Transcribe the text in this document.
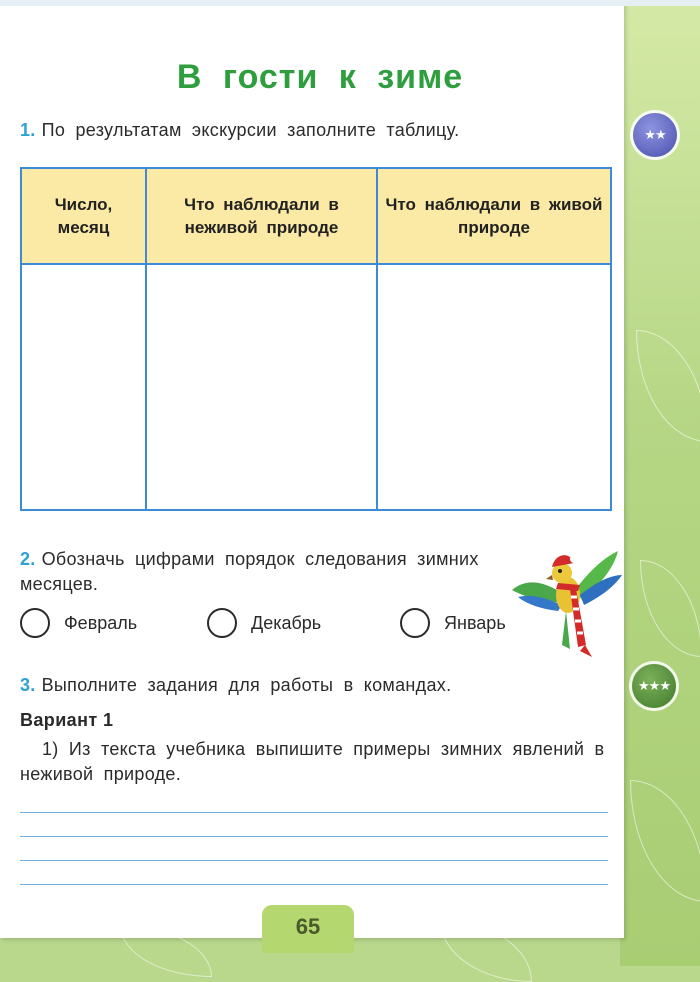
В гости к зиме
1. По результатам экскурсии заполните таблицу.	★★
Число, месяц	Что наблюдали в неживой природе	Что наблюдали в живой природе

2. Обозначь цифрами порядок следования зимних месяцев.
Февраль	Декабрь	Январь
3. Выполните задания для работы в командах.	★★★
Вариант 1
1) Из текста учебника выпишите примеры зимних явлений в неживой природе.
65
